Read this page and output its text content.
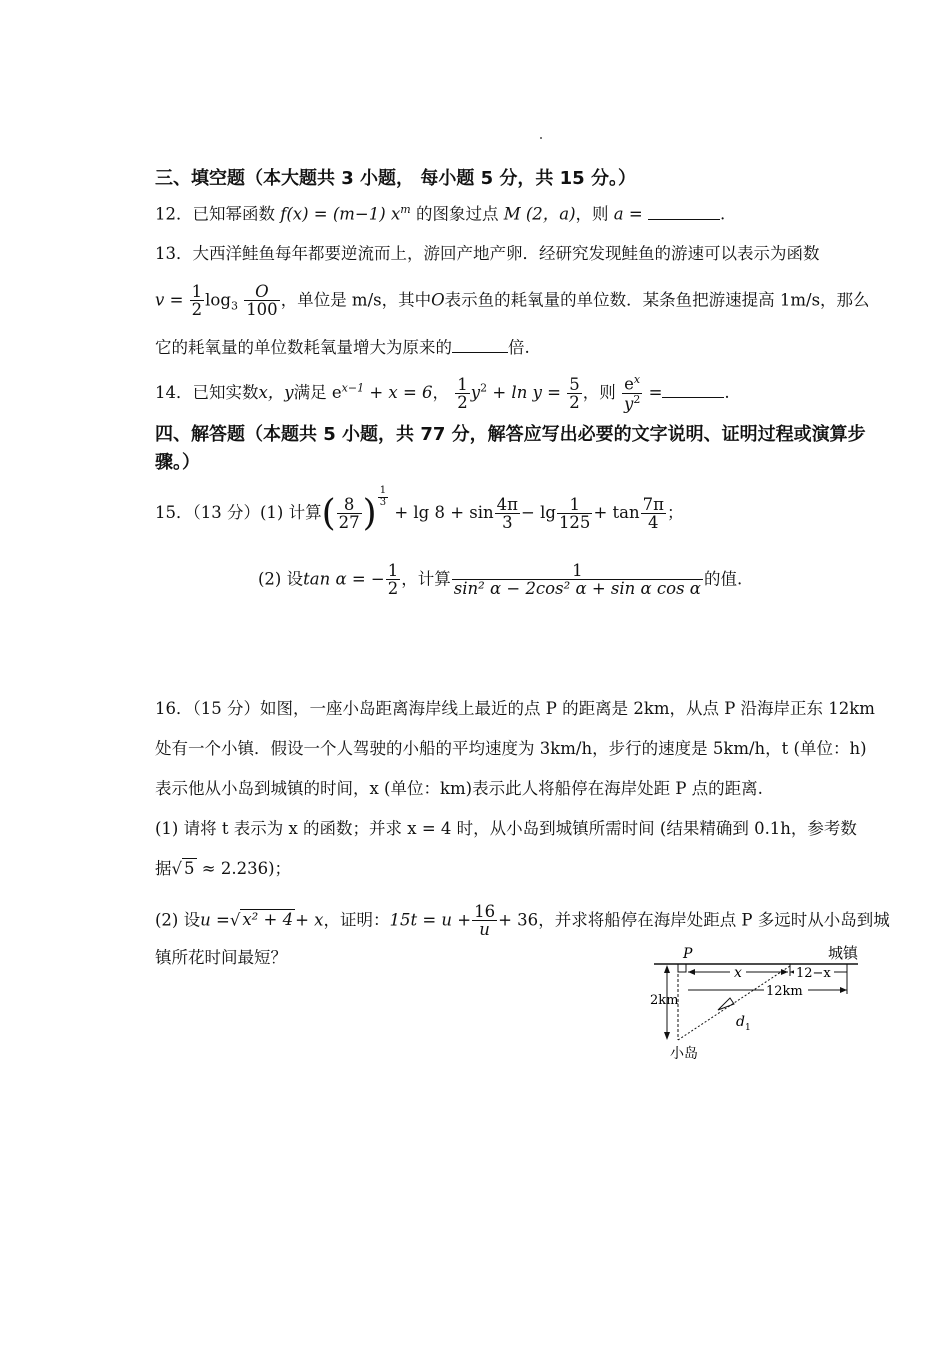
三、填空题（本大题共 3 小题， 每小题 5 分，共 15 分。）
12．已知幂函数 f(x) = (m−1) $x^m$ 的图象过点 M (2，a)，则 a =	.
13．大西洋鲑鱼每年都要逆流而上，游回产地产卵．经研究发现鲑鱼的游速可以表示为函数
$v = \frac{1}{2} \log_3 \frac{O}{100}$ ，单位是 m/s，其中O表示鱼的耗氧量的单位数．某条鱼把游速提高 1m/s，那么
它的耗氧量的单位数耗氧量增大为原来的	倍.
14．已知实数x，y满足 $e^{x-1} + x = 6$， $\frac{1}{2} y^2 + \ln y = \frac{5}{2}$ ，则 $\frac{e^x}{y^2}$ =	.
四、解答题（本题共 5 小题，共 77 分，解答应写出必要的文字说明、证明过程或演算步
骤。）
15．（13 分）(1) 计算( $\frac{8}{27}$ ) $\frac{1}{3}$
+ $\lg 8 + \sin \frac{4\pi}{3} - \lg \frac{1}{125} + \tan \frac{7\pi}{4}$ ；
(2) 设tan α = − $\frac{1}{2}$ ，计算 $\frac{1}{\text{sin² α − 2cos² α + sin α cos α}}$ 的值.
16．（15 分）如图，一座小岛距离海岸线上最近的点 P 的距离是 2km，从点 P 沿海岸正东 12km
处有一个小镇．假设一个人驾驶的小船的平均速度为 3km/h，步行的速度是 5km/h，t (单位：h)
表示他从小岛到城镇的时间，x (单位：km)表示此人将船停在海岸处距 P 点的距离.
(1) 请将 t 表示为 x 的函数；并求 x = 4 时，从小岛到城镇所需时间 (结果精确到 0.1h，参考数
据√ 5 ≈ 2.236)；
(2) 设u =√ x² + 4 + x，证明：$15t = u + \frac{16}{u} + 36$，并求将船停在海岸处距点 P 多远时从小岛到城
镇所花时间最短？	P	城镇
x	12−x
12km
2km
d 1
小岛
